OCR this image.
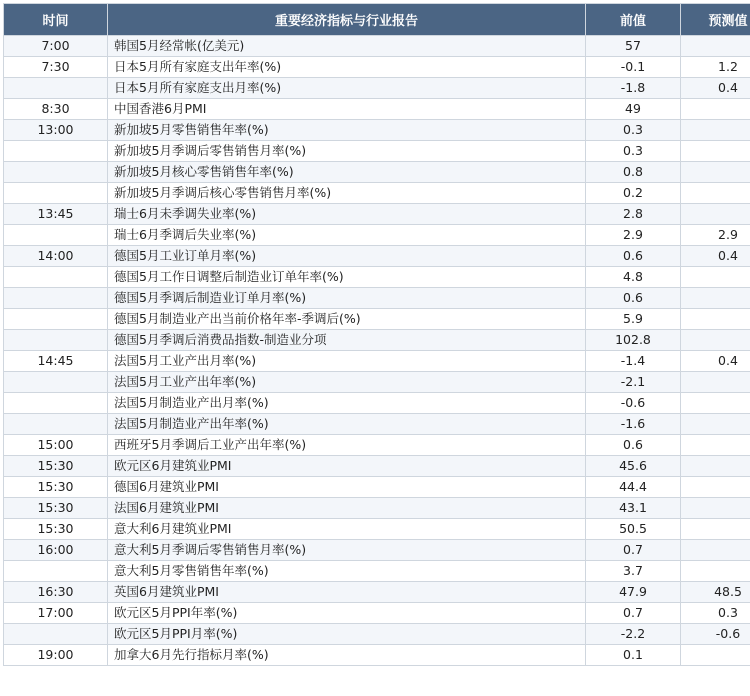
时间	重要经济指标与行业报告	前值	预测值
7:00	韩国5月经常帐(亿美元)	57	
7:30	日本5月所有家庭支出年率(%)	-0.1	1.2
	日本5月所有家庭支出月率(%)	-1.8	0.4
8:30	中国香港6月PMI	49	
13:00	新加坡5月零售销售年率(%)	0.3	
	新加坡5月季调后零售销售月率(%)	0.3	
	新加坡5月核心零售销售年率(%)	0.8	
	新加坡5月季调后核心零售销售月率(%)	0.2	
13:45	瑞士6月未季调失业率(%)	2.8	
	瑞士6月季调后失业率(%)	2.9	2.9
14:00	德国5月工业订单月率(%)	0.6	0.4
	德国5月工作日调整后制造业订单年率(%)	4.8	
	德国5月季调后制造业订单月率(%)	0.6	
	德国5月制造业产出当前价格年率-季调后(%)	5.9	
	德国5月季调后消费品指数-制造业分项	102.8	
14:45	法国5月工业产出月率(%)	-1.4	0.4
	法国5月工业产出年率(%)	-2.1	
	法国5月制造业产出月率(%)	-0.6	
	法国5月制造业产出年率(%)	-1.6	
15:00	西班牙5月季调后工业产出年率(%)	0.6	
15:30	欧元区6月建筑业PMI	45.6	
15:30	德国6月建筑业PMI	44.4	
15:30	法国6月建筑业PMI	43.1	
15:30	意大利6月建筑业PMI	50.5	
16:00	意大利5月季调后零售销售月率(%)	0.7	
	意大利5月零售销售年率(%)	3.7	
16:30	英国6月建筑业PMI	47.9	48.5
17:00	欧元区5月PPI年率(%)	0.7	0.3
	欧元区5月PPI月率(%)	-2.2	-0.6
19:00	加拿大6月先行指标月率(%)	0.1	
